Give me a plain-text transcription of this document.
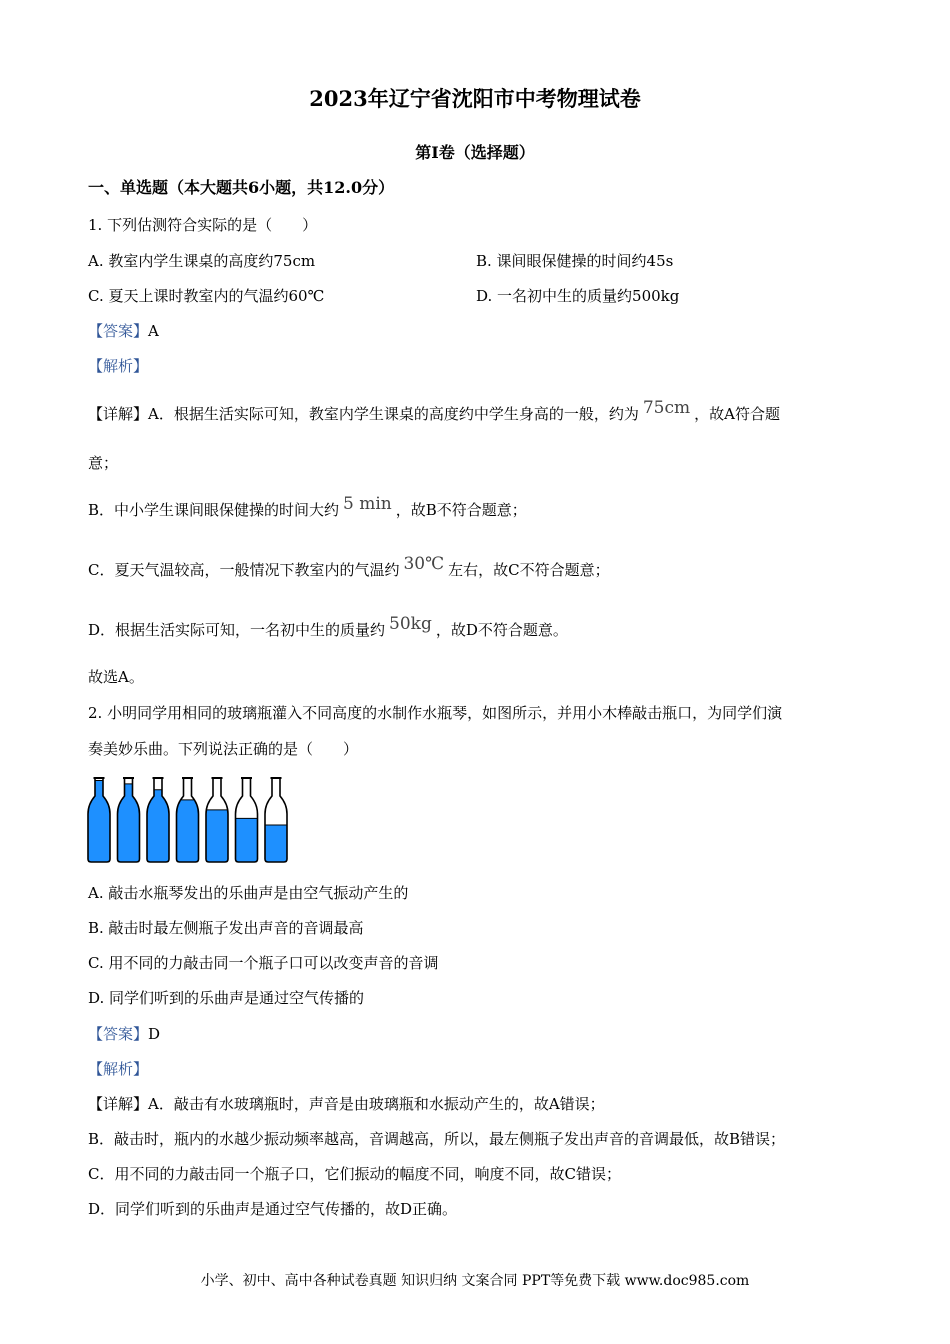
2023年辽宁省沈阳市中考物理试卷
第Ⅰ卷（选择题）
一、单选题（本大题共6小题，共12.0分）
1. 下列估测符合实际的是（　　）
A. 教室内学生课桌的高度约75cm	B. 课间眼保健操的时间约45s
C. 夏天上课时教室内的气温约60℃	D. 一名初中生的质量约500kg
【答案】A
【解析】
【详解】A．根据生活实际可知，教室内学生课桌的高度约中学生身高的一般，约为 75cm ，故A符合题
意；
B．中小学生课间眼保健操的时间大约 5 min ，故B不符合题意；
C．夏天气温较高，一般情况下教室内的气温约 30℃ 左右，故C不符合题意；
D．根据生活实际可知，一名初中生的质量约 50kg ，故D不符合题意。
故选A。
2. 小明同学用相同的玻璃瓶灌入不同高度的水制作水瓶琴，如图所示，并用小木棒敲击瓶口，为同学们演
奏美妙乐曲。下列说法正确的是（　　）
A. 敲击水瓶琴发出的乐曲声是由空气振动产生的
B. 敲击时最左侧瓶子发出声音的音调最高
C. 用不同的力敲击同一个瓶子口可以改变声音的音调
D. 同学们听到的乐曲声是通过空气传播的
【答案】D
【解析】
【详解】A．敲击有水玻璃瓶时，声音是由玻璃瓶和水振动产生的，故A错误；
B．敲击时，瓶内的水越少振动频率越高，音调越高，所以，最左侧瓶子发出声音的音调最低，故B错误；
C．用不同的力敲击同一个瓶子口，它们振动的幅度不同，响度不同，故C错误；
D．同学们听到的乐曲声是通过空气传播的，故D正确。
小学、初中、高中各种试卷真题 知识归纳 文案合同 PPT等免费下载 www.doc985.com
